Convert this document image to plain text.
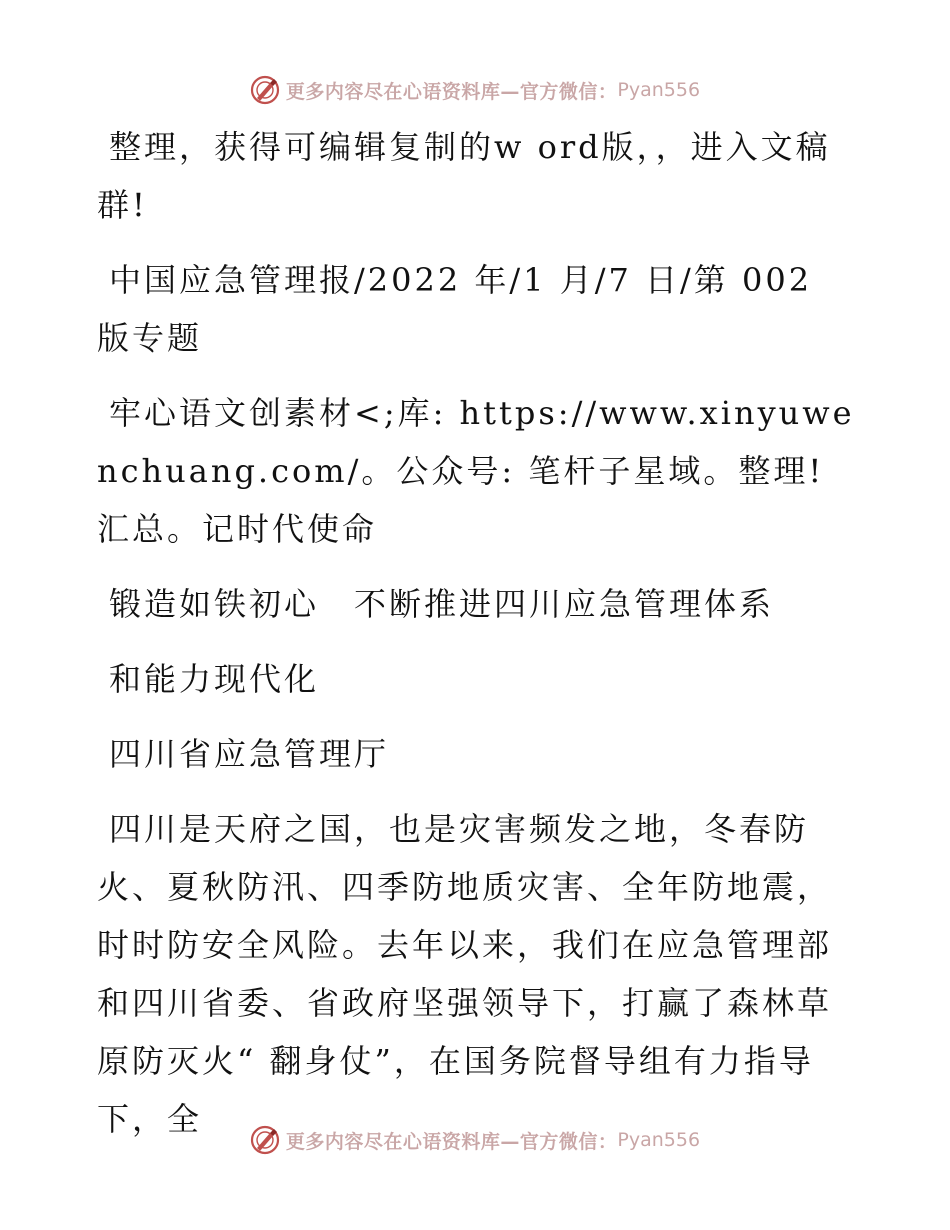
更多内容尽在心语资料库—官方微信： Pyan556

整理，获得可编辑复制的w ord版，，进入文稿群!

中国应急管理报/2022 年/1 月/7 日/第 002 版专题

牢心语文创素材<;库: https://www.xinyuwenchuang.com/。公众号: 笔杆子星域。整理! 汇总。记时代使命

锻造如铁初心　不断推进四川应急管理体系

和能力现代化

四川省应急管理厅

四川是天府之国，也是灾害频发之地，冬春防火、夏秋防汛、四季防地质灾害、全年防地震，时时防安全风险。去年以来，我们在应急管理部和四川省委、省政府坚强领导下，打赢了森林草原防灭火“ 翻身仗”，在国务院督导组有力指导下，全

更多内容尽在心语资料库—官方微信： Pyan556
